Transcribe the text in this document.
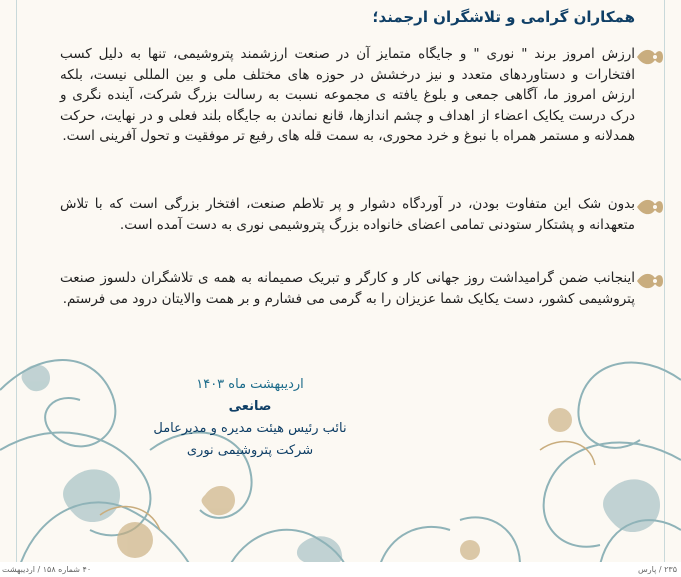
همکاران گرامی و تلاشگران ارجمند؛
ارزش امروز برند " نوری " و جایگاه متمایز آن در صنعت ارزشمند پتروشیمی، تنها به دلیل کسب افتخارات و دستاوردهای متعدد و نیز درخشش در حوزه های مختلف ملی و بین المللی نیست، بلکه ارزش امروز ما، آگاهی جمعی و بلوغ یافته ی مجموعه نسبت به رسالت بزرگ شرکت، آینده نگری و درک درست یکایک اعضاء از اهداف و چشم اندازها، قانع نماندن به جایگاه بلند فعلی و در نهایت، حرکت همدلانه و مستمر همراه با نبوغ و خرد محوری، به سمت قله های رفیع تر موفقیت و تحول آفرینی است.
بدون شک این متفاوت بودن، در آوردگاه دشوار و پر تلاطم صنعت، افتخار بزرگی است که با تلاش متعهدانه و پشتکار ستودنی تمامی اعضای خانواده بزرگ پتروشیمی نوری به دست آمده است.
اینجانب ضمن گرامیداشت روز جهانی کار و کارگر و تبریک صمیمانه به همه ی تلاشگران دلسوز صنعت پتروشیمی کشور، دست یکایک شما عزیزان را به گرمی می فشارم و بر همت والایتان درود می فرستم.
اردیبهشت ماه ۱۴۰۳
صانعی
نائب رئیس هیئت مدیره و مدیرعامل
شرکت پتروشیمی نوری
۴۰ شماره ۱۵۸ / اردیبهشت	۲۳۵ / پارس
